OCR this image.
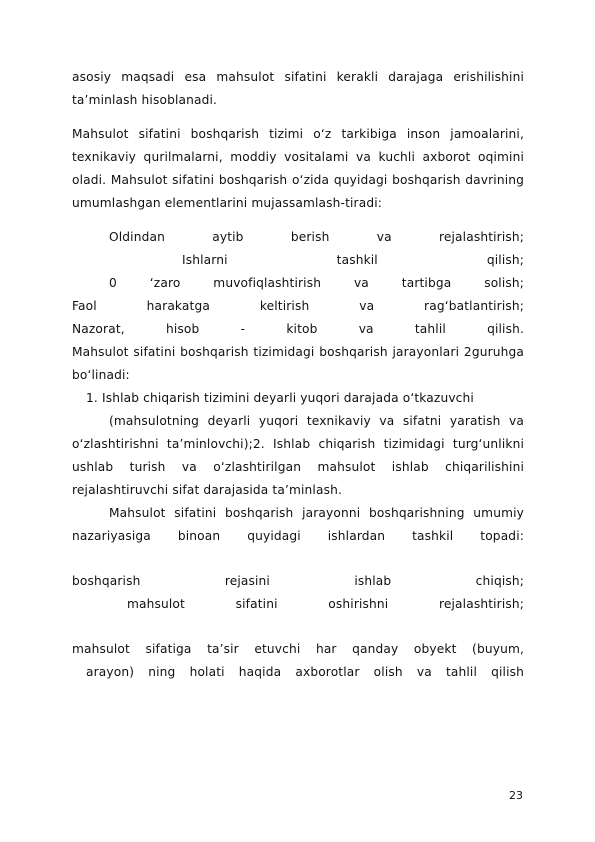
asosiy maqsadi esa mahsulot sifatini kerakli darajaga erishilishini
ta’minlash hisoblanadi.
Mahsulot sifatini boshqarish tizimi o‘z tarkibiga inson jamoalarini,
texnikaviy qurilmalarni, moddiy vositalami va kuchli axborot oqimini
oladi. Mahsulot sifatini boshqarish o‘zida quyidagi boshqarish davrining
umumlashgan elementlarini mujassamlash-tiradi:
Oldindan aytib berish va rejalashtirish;
Ishlarni tashkil qilish;
0 ‘zaro muvofiqlashtirish va tartibga solish;
Faol harakatga keltirish va rag‘batlantirish;
Nazorat, hisob - kitob va tahlil qilish.
Mahsulot sifatini boshqarish tizimidagi boshqarish jarayonlari 2guruhga
bo‘linadi:
1. Ishlab chiqarish tizimini deyarli yuqori darajada o‘tkazuvchi
(mahsulotning deyarli yuqori texnikaviy va sifatni yaratish va
o‘zlashtirishni ta’minlovchi);2. Ishlab chiqarish tizimidagi turg‘unlikni
ushlab turish va o‘zlashtirilgan mahsulot ishlab chiqarilishini
rejalashtiruvchi sifat darajasida ta’minlash.
Mahsulot sifatini boshqarish jarayonni boshqarishning umumiy
nazariyasiga binoan quyidagi ishlardan tashkil topadi:
boshqarish rejasini ishlab chiqish;
mahsulot sifatini oshirishni rejalashtirish;
mahsulot sifatiga ta’sir etuvchi har qanday obyekt (buyum,
arayon) ning holati haqida axborotlar olish va tahlil qilish
23
